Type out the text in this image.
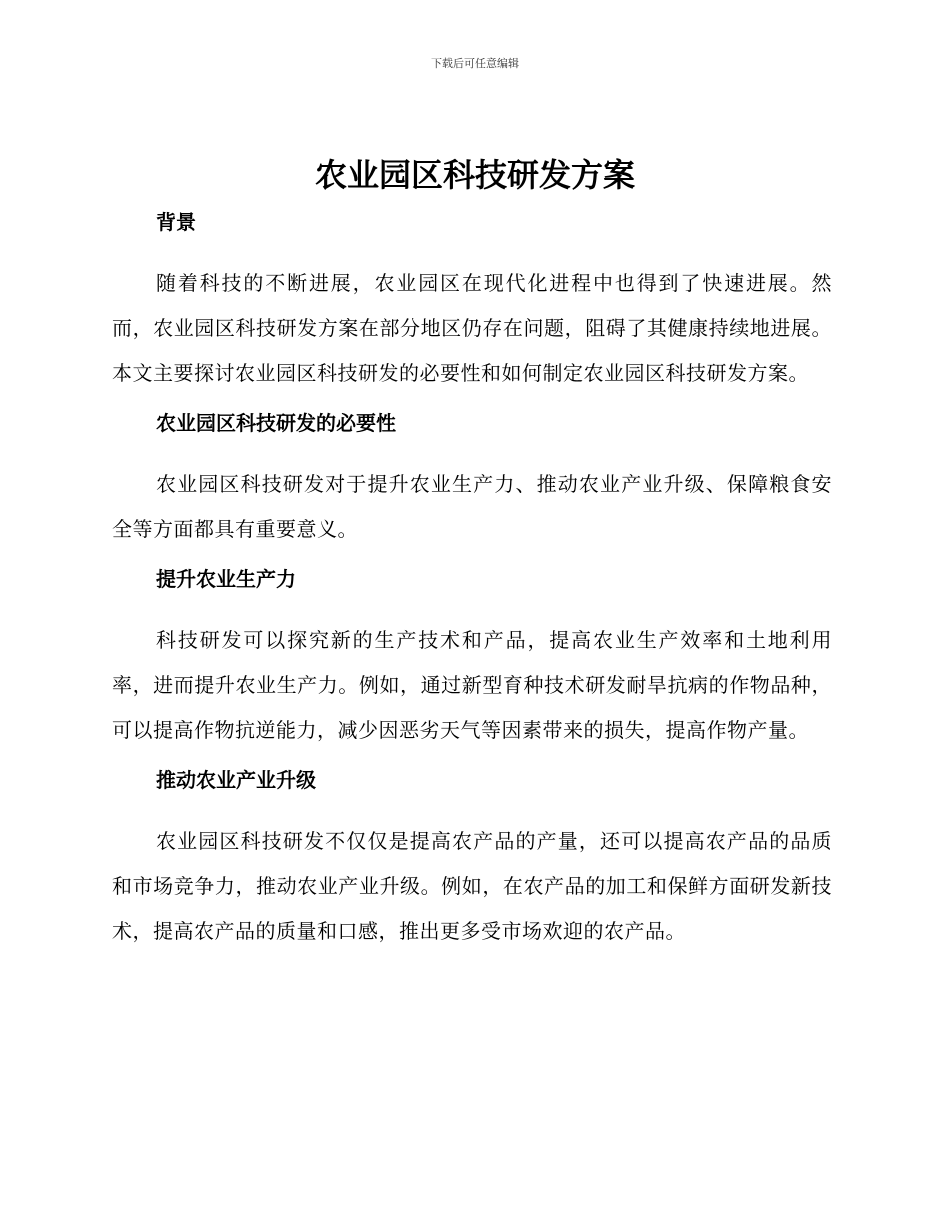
下载后可任意编辑
农业园区科技研发方案
背景

随着科技的不断进展，农业园区在现代化进程中也得到了快速进展。然而，农业园区科技研发方案在部分地区仍存在问题，阻碍了其健康持续地进展。本文主要探讨农业园区科技研发的必要性和如何制定农业园区科技研发方案。

农业园区科技研发的必要性

农业园区科技研发对于提升农业生产力、推动农业产业升级、保障粮食安全等方面都具有重要意义。

提升农业生产力

科技研发可以探究新的生产技术和产品，提高农业生产效率和土地利用率，进而提升农业生产力。例如，通过新型育种技术研发耐旱抗病的作物品种，可以提高作物抗逆能力，减少因恶劣天气等因素带来的损失，提高作物产量。

推动农业产业升级

农业园区科技研发不仅仅是提高农产品的产量，还可以提高农产品的品质和市场竞争力，推动农业产业升级。例如，在农产品的加工和保鲜方面研发新技术，提高农产品的质量和口感，推出更多受市场欢迎的农产品。
